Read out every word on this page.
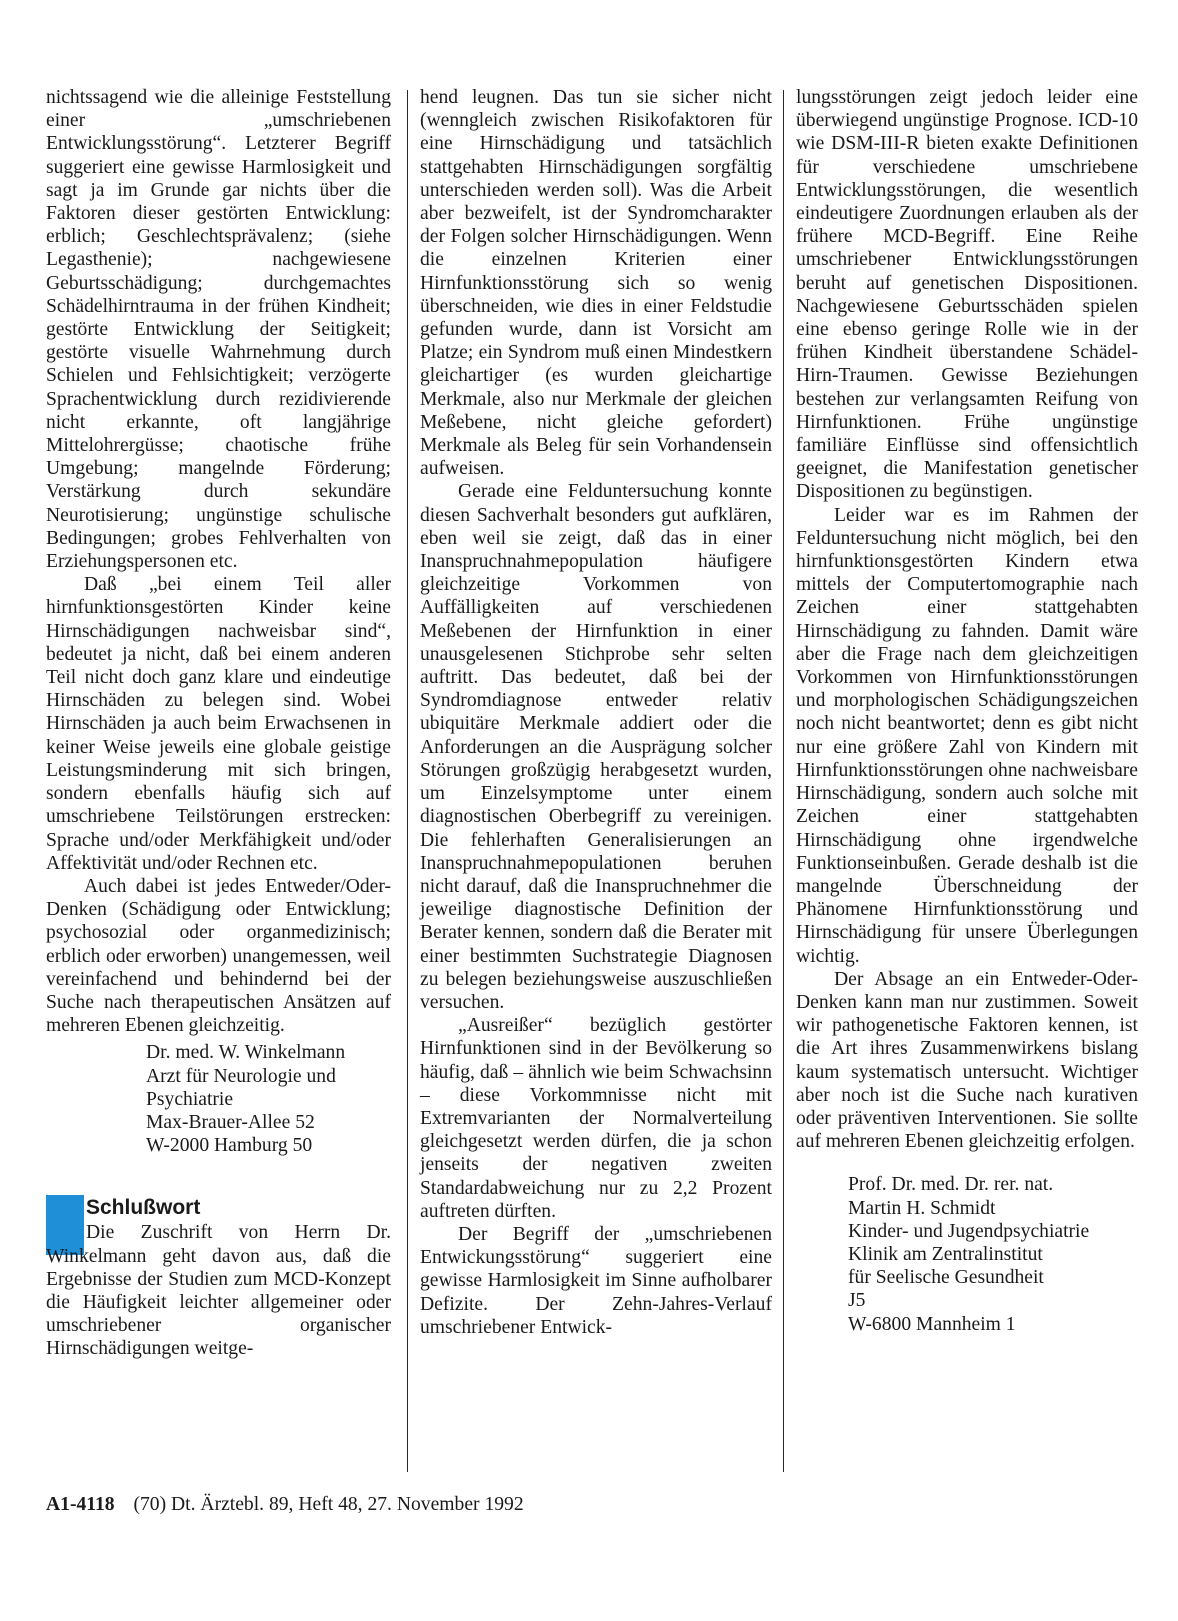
nichtssagend wie die alleinige Feststellung einer „umschriebenen Entwicklungsstörung“. Letzterer Begriff suggeriert eine gewisse Harmlosigkeit und sagt ja im Grunde gar nichts über die Faktoren dieser gestörten Entwicklung: erblich; Geschlechtsprävalenz; (siehe Legasthenie); nachgewiesene Geburtsschädigung; durchgemachtes Schädelhirntrauma in der frühen Kindheit; gestörte Entwicklung der Seitigkeit; gestörte visuelle Wahrnehmung durch Schielen und Fehlsichtigkeit; verzögerte Sprachentwicklung durch rezidivierende nicht erkannte, oft langjährige Mittelohrergüsse; chaotische frühe Umgebung; mangelnde Förderung; Verstärkung durch sekundäre Neurotisierung; ungünstige schulische Bedingungen; grobes Fehlverhalten von Erziehungspersonen etc.

Daß „bei einem Teil aller hirnfunktionsgestörten Kinder keine Hirnschädigungen nachweisbar sind“, bedeutet ja nicht, daß bei einem anderen Teil nicht doch ganz klare und eindeutige Hirnschäden zu belegen sind. Wobei Hirnschäden ja auch beim Erwachsenen in keiner Weise jeweils eine globale geistige Leistungsminderung mit sich bringen, sondern ebenfalls häufig sich auf umschriebene Teilstörungen erstrecken: Sprache und/oder Merkfähigkeit und/oder Affektivität und/oder Rechnen etc.

Auch dabei ist jedes Entweder/Oder-Denken (Schädigung oder Entwicklung; psychosozial oder organmedizinisch; erblich oder erworben) unangemessen, weil vereinfachend und behindernd bei der Suche nach therapeutischen Ansätzen auf mehreren Ebenen gleichzeitig.

Dr. med. W. Winkelmann
Arzt für Neurologie und
Psychiatrie
Max-Brauer-Allee 52
W-2000 Hamburg 50
Schlußwort

Die Zuschrift von Herrn Dr. Winkelmann geht davon aus, daß die Ergebnisse der Studien zum MCD-Konzept die Häufigkeit leichter allgemeiner oder umschriebener organischer Hirnschädigungen weitge-

hend leugnen. Das tun sie sicher nicht (wenngleich zwischen Risikofaktoren für eine Hirnschädigung und tatsächlich stattgehabten Hirnschädigungen sorgfältig unterschieden werden soll). Was die Arbeit aber bezweifelt, ist der Syndromcharakter der Folgen solcher Hirnschädigungen. Wenn die einzelnen Kriterien einer Hirnfunktionsstörung sich so wenig überschneiden, wie dies in einer Feldstudie gefunden wurde, dann ist Vorsicht am Platze; ein Syndrom muß einen Mindestkern gleichartiger (es wurden gleichartige Merkmale, also nur Merkmale der gleichen Meßebene, nicht gleiche gefordert) Merkmale als Beleg für sein Vorhandensein aufweisen.

Gerade eine Felduntersuchung konnte diesen Sachverhalt besonders gut aufklären, eben weil sie zeigt, daß das in einer Inanspruchnahmepopulation häufigere gleichzeitige Vorkommen von Auffälligkeiten auf verschiedenen Meßebenen der Hirnfunktion in einer unausgelesenen Stichprobe sehr selten auftritt. Das bedeutet, daß bei der Syndromdiagnose entweder relativ ubiquitäre Merkmale addiert oder die Anforderungen an die Ausprägung solcher Störungen großzügig herabgesetzt wurden, um Einzelsymptome unter einem diagnostischen Oberbegriff zu vereinigen. Die fehlerhaften Generalisierungen an Inanspruchnahmepopulationen beruhen nicht darauf, daß die Inanspruchnehmer die jeweilige diagnostische Definition der Berater kennen, sondern daß die Berater mit einer bestimmten Suchstrategie Diagnosen zu belegen beziehungsweise auszuschließen versuchen.

„Ausreißer“ bezüglich gestörter Hirnfunktionen sind in der Bevölkerung so häufig, daß – ähnlich wie beim Schwachsinn – diese Vorkommnisse nicht mit Extremvarianten der Normalverteilung gleichgesetzt werden dürfen, die ja schon jenseits der negativen zweiten Standardabweichung nur zu 2,2 Prozent auftreten dürften.

Der Begriff der „umschriebenen Entwickungsstörung“ suggeriert eine gewisse Harmlosigkeit im Sinne aufholbarer Defizite. Der Zehn-Jahres-Verlauf umschriebener Entwick-

lungsstörungen zeigt jedoch leider eine überwiegend ungünstige Prognose. ICD-10 wie DSM-III-R bieten exakte Definitionen für verschiedene umschriebene Entwicklungsstörungen, die wesentlich eindeutigere Zuordnungen erlauben als der frühere MCD-Begriff. Eine Reihe umschriebener Entwicklungsstörungen beruht auf genetischen Dispositionen. Nachgewiesene Geburtsschäden spielen eine ebenso geringe Rolle wie in der frühen Kindheit überstandene Schädel-Hirn-Traumen. Gewisse Beziehungen bestehen zur verlangsamten Reifung von Hirnfunktionen. Frühe ungünstige familiäre Einflüsse sind offensichtlich geeignet, die Manifestation genetischer Dispositionen zu begünstigen.

Leider war es im Rahmen der Felduntersuchung nicht möglich, bei den hirnfunktionsgestörten Kindern etwa mittels der Computertomographie nach Zeichen einer stattgehabten Hirnschädigung zu fahnden. Damit wäre aber die Frage nach dem gleichzeitigen Vorkommen von Hirnfunktionsstörungen und morphologischen Schädigungszeichen noch nicht beantwortet; denn es gibt nicht nur eine größere Zahl von Kindern mit Hirnfunktionsstörungen ohne nachweisbare Hirnschädigung, sondern auch solche mit Zeichen einer stattgehabten Hirnschädigung ohne irgendwelche Funktionseinbußen. Gerade deshalb ist die mangelnde Überschneidung der Phänomene Hirnfunktionsstörung und Hirnschädigung für unsere Überlegungen wichtig.

Der Absage an ein Entweder-Oder-Denken kann man nur zustimmen. Soweit wir pathogenetische Faktoren kennen, ist die Art ihres Zusammenwirkens bislang kaum systematisch untersucht. Wichtiger aber noch ist die Suche nach kurativen oder präventiven Interventionen. Sie sollte auf mehreren Ebenen gleichzeitig erfolgen.

Prof. Dr. med. Dr. rer. nat.
Martin H. Schmidt
Kinder- und Jugendpsychiatrie
Klinik am Zentralinstitut
für Seelische Gesundheit
J5
W-6800 Mannheim 1
A1-4118 (70) Dt. Ärztebl. 89, Heft 48, 27. November 1992
